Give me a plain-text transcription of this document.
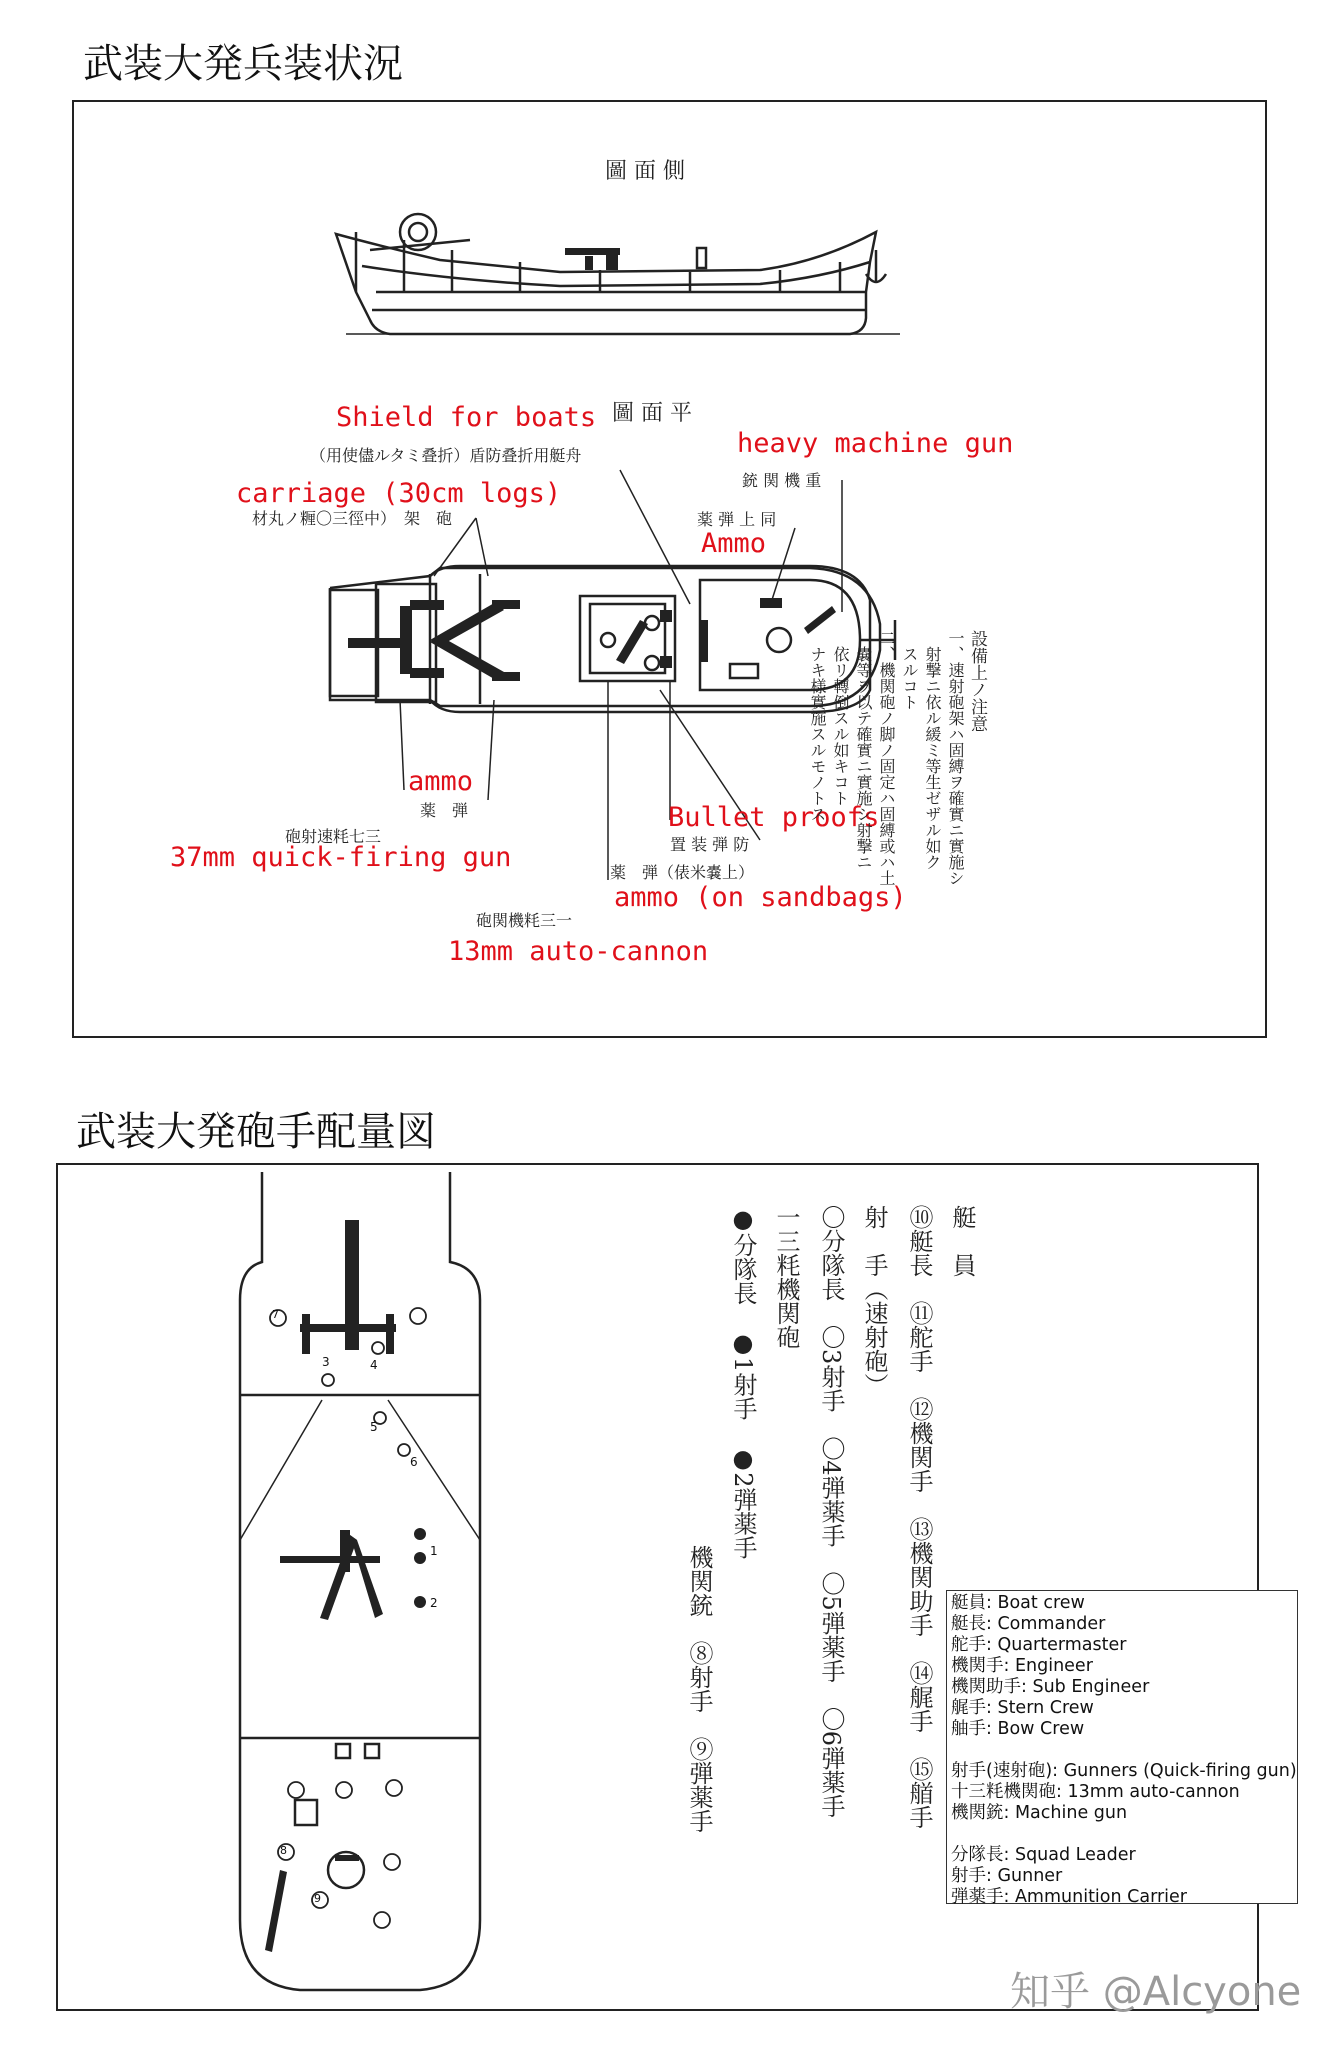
武装大発兵装状況
圖 面 側
圖 面 平
Shield for boats
（用使儘ルタミ叠折）盾防叠折用艇舟	heavy machine gun
銃 関 機 重
carriage (30cm logs)
材丸ノ糎〇三徑中）　架　砲	薬 弾 上 同
Ammo
ammo
薬　弾
砲射速粍七三
37mm quick-firing gun
Bullet proofs
置 装 弾 防
薬　弾（俵米嚢上）
ammo (on sandbags)
砲関機粍三一
13mm auto-cannon
設備上ノ注意
一、速射砲架ハ固縛ヲ確實ニ實施シ
　射撃ニ依ル緩ミ等生ゼザル如ク
　スルコト
二、機関砲ノ脚ノ固定ハ固縛或ハ土
　嚢等ヲ以テ確實ニ實施シ射撃ニ
　依リ轉倒スル如キコト
　ナキ様實施スルモノトス
武装大発砲手配量図
1
2
3	4
5
6
7
8
9
艇　員
⑩艇長　⑪舵手　⑫機関手　⑬機関助手　⑭艉手　⑮艏手
射　手（速射砲）
〇分隊長　〇3射手　〇4弾薬手　〇5弾薬手　〇6弾薬手
一三粍機関砲
●分隊長　●1射手　●2弾薬手
機関銃　⑧射手　⑨弾薬手	艇員: Boat crew
艇長: Commander
舵手: Quartermaster
機関手: Engineer
機関助手: Sub Engineer
艉手: Stern Crew
舳手: Bow Crew
射手(速射砲): Gunners (Quick-firing gun)
十三粍機関砲: 13mm auto-cannon
機関銃: Machine gun
分隊長: Squad Leader
射手: Gunner
弾薬手: Ammunition Carrier
知乎 @Alcyone
